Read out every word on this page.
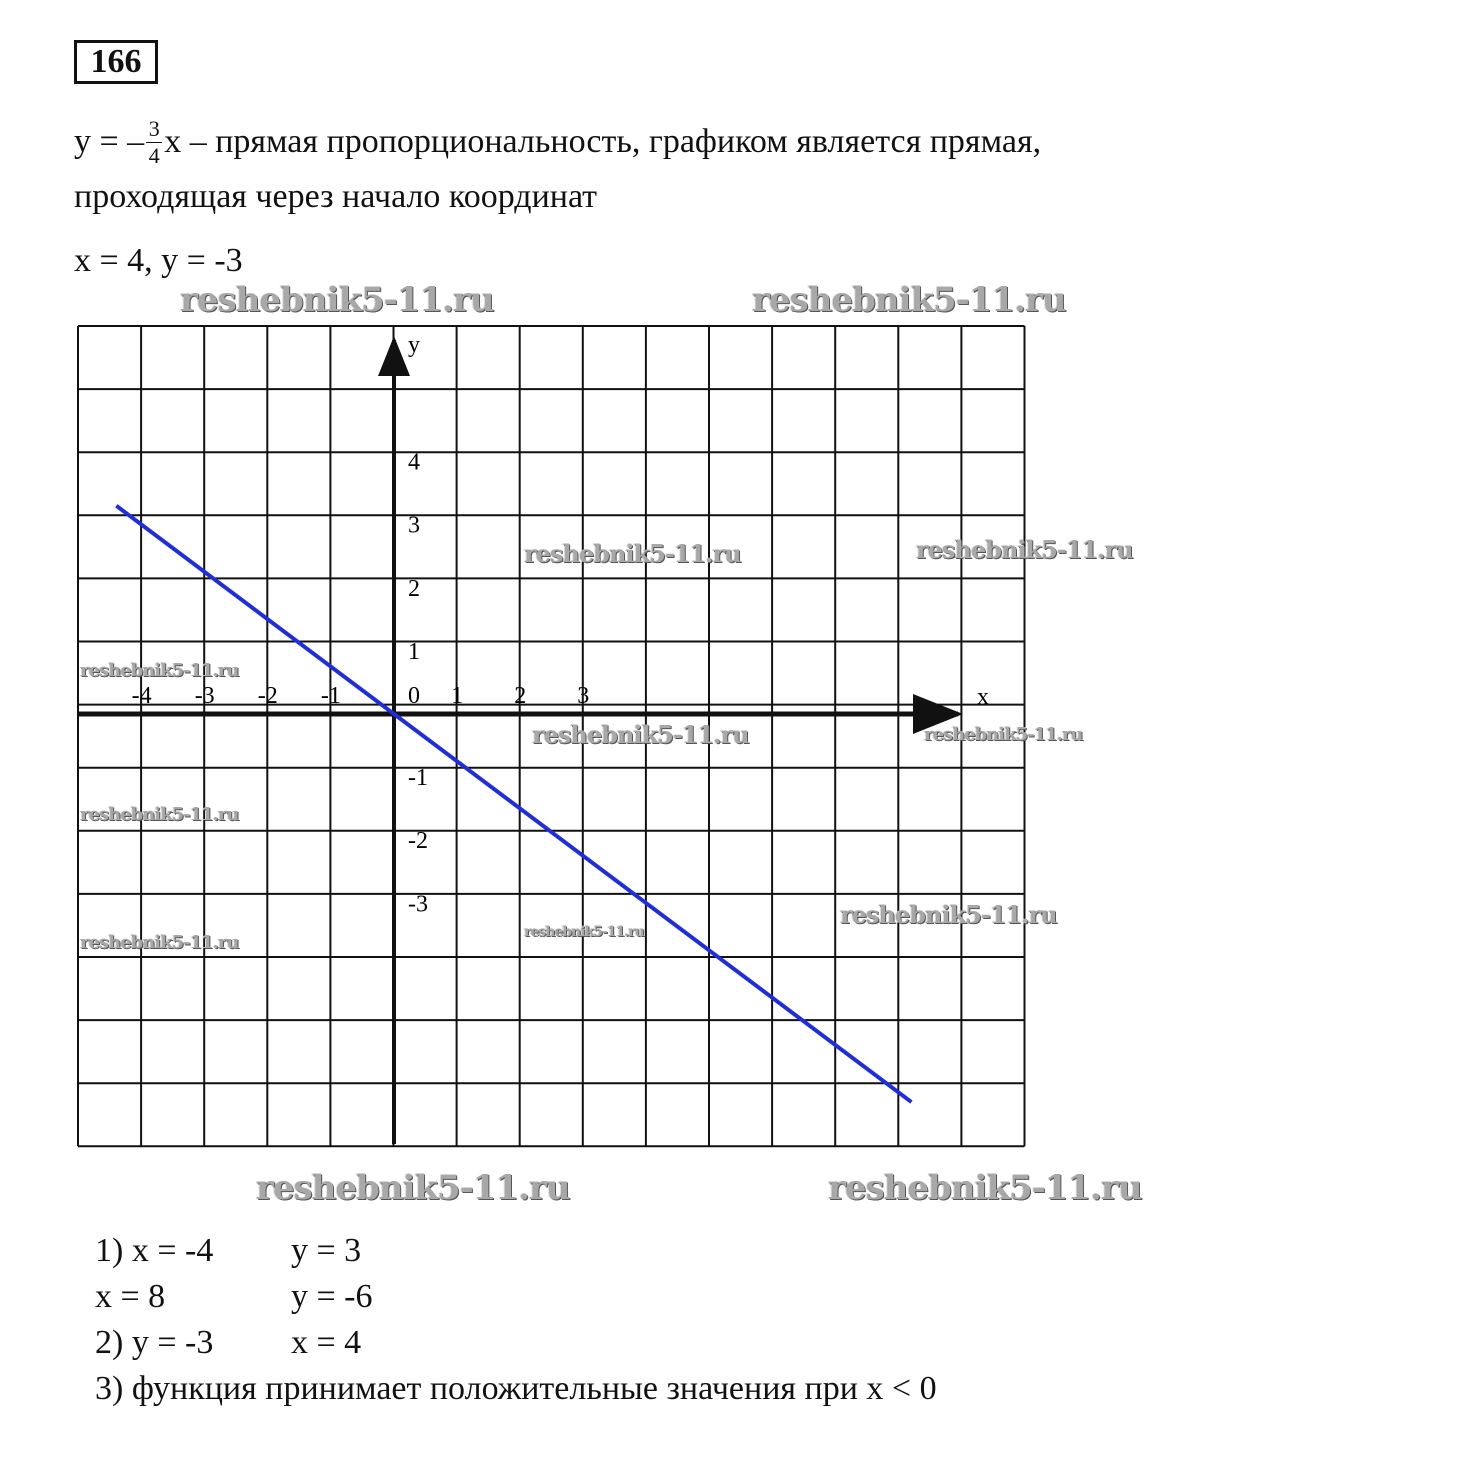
166
y = – $\frac{3}{4}$ x – прямая пропорциональность, графиком является прямая,
проходящая через начало координат
x = 4, y = -3
x
y
0
-4 -3 -2 -1	1 2 3
4
3
2
1
-1
-2
-3
1) x = -4	y = 3
x = 8	y = -6
2) y = -3	x = 4
3) функция принимает положительные значения при x < 0
reshebnik5-11.ru	reshebnik5-11.ru
reshebnik5-11.ru	reshebnik5-11.ru
reshebnik5-11.ru
reshebnik5-11.ru	reshebnik5-11.ru
reshebnik5-11.ru
reshebnik5-11.ru
reshebnik5-11.ru
reshebnik5-11.ru
reshebnik5-11.ru	reshebnik5-11.ru
